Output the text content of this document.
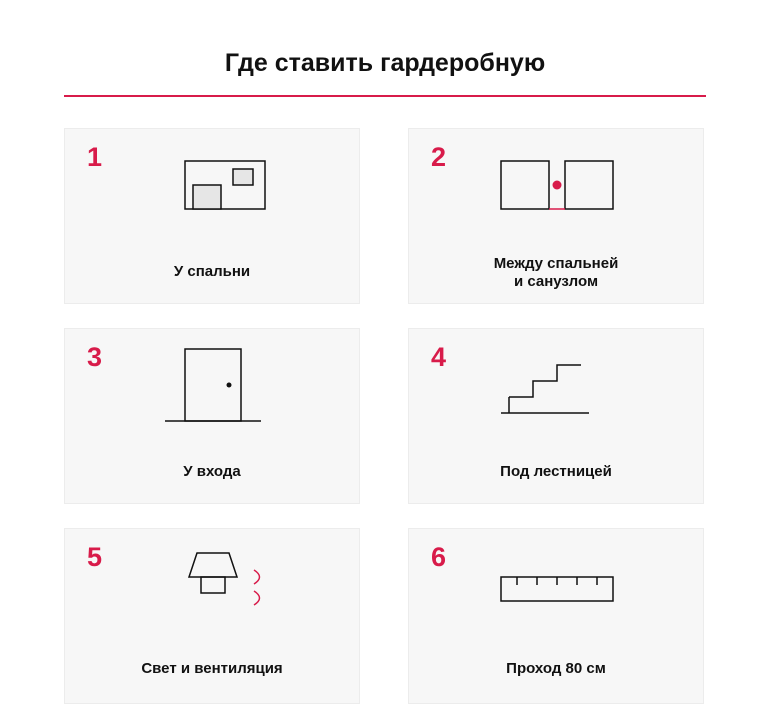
Где ставить гардеробную
1
У спальни
2
Между спальней
и санузлом
3
У входа
4
Под лестницей
5
Свет и вентиляция
6
Проход 80 см
